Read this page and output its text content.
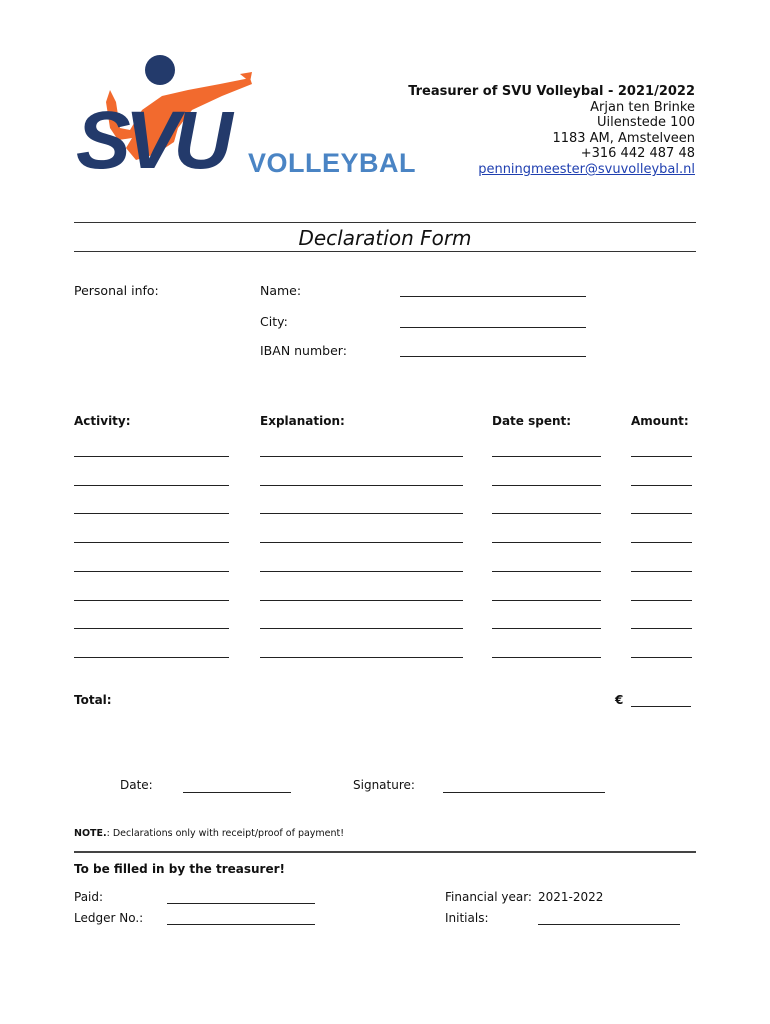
SVU VOLLEYBAL
Treasurer of SVU Volleybal - 2021/2022
Arjan ten Brinke
Uilenstede 100
1183 AM, Amstelveen
+316 442 487 48
penningmeester@svuvolleybal.nl
Declaration Form
Personal info:	Name:
City:
IBAN number:
Activity:	Explanation:	Date spent:	Amount:
Total:	€
Date:	Signature:
NOTE.: Declarations only with receipt/proof of payment!
To be filled in by the treasurer!
Paid:
Ledger No.:
Financial year: 2021-2022
Initials:
